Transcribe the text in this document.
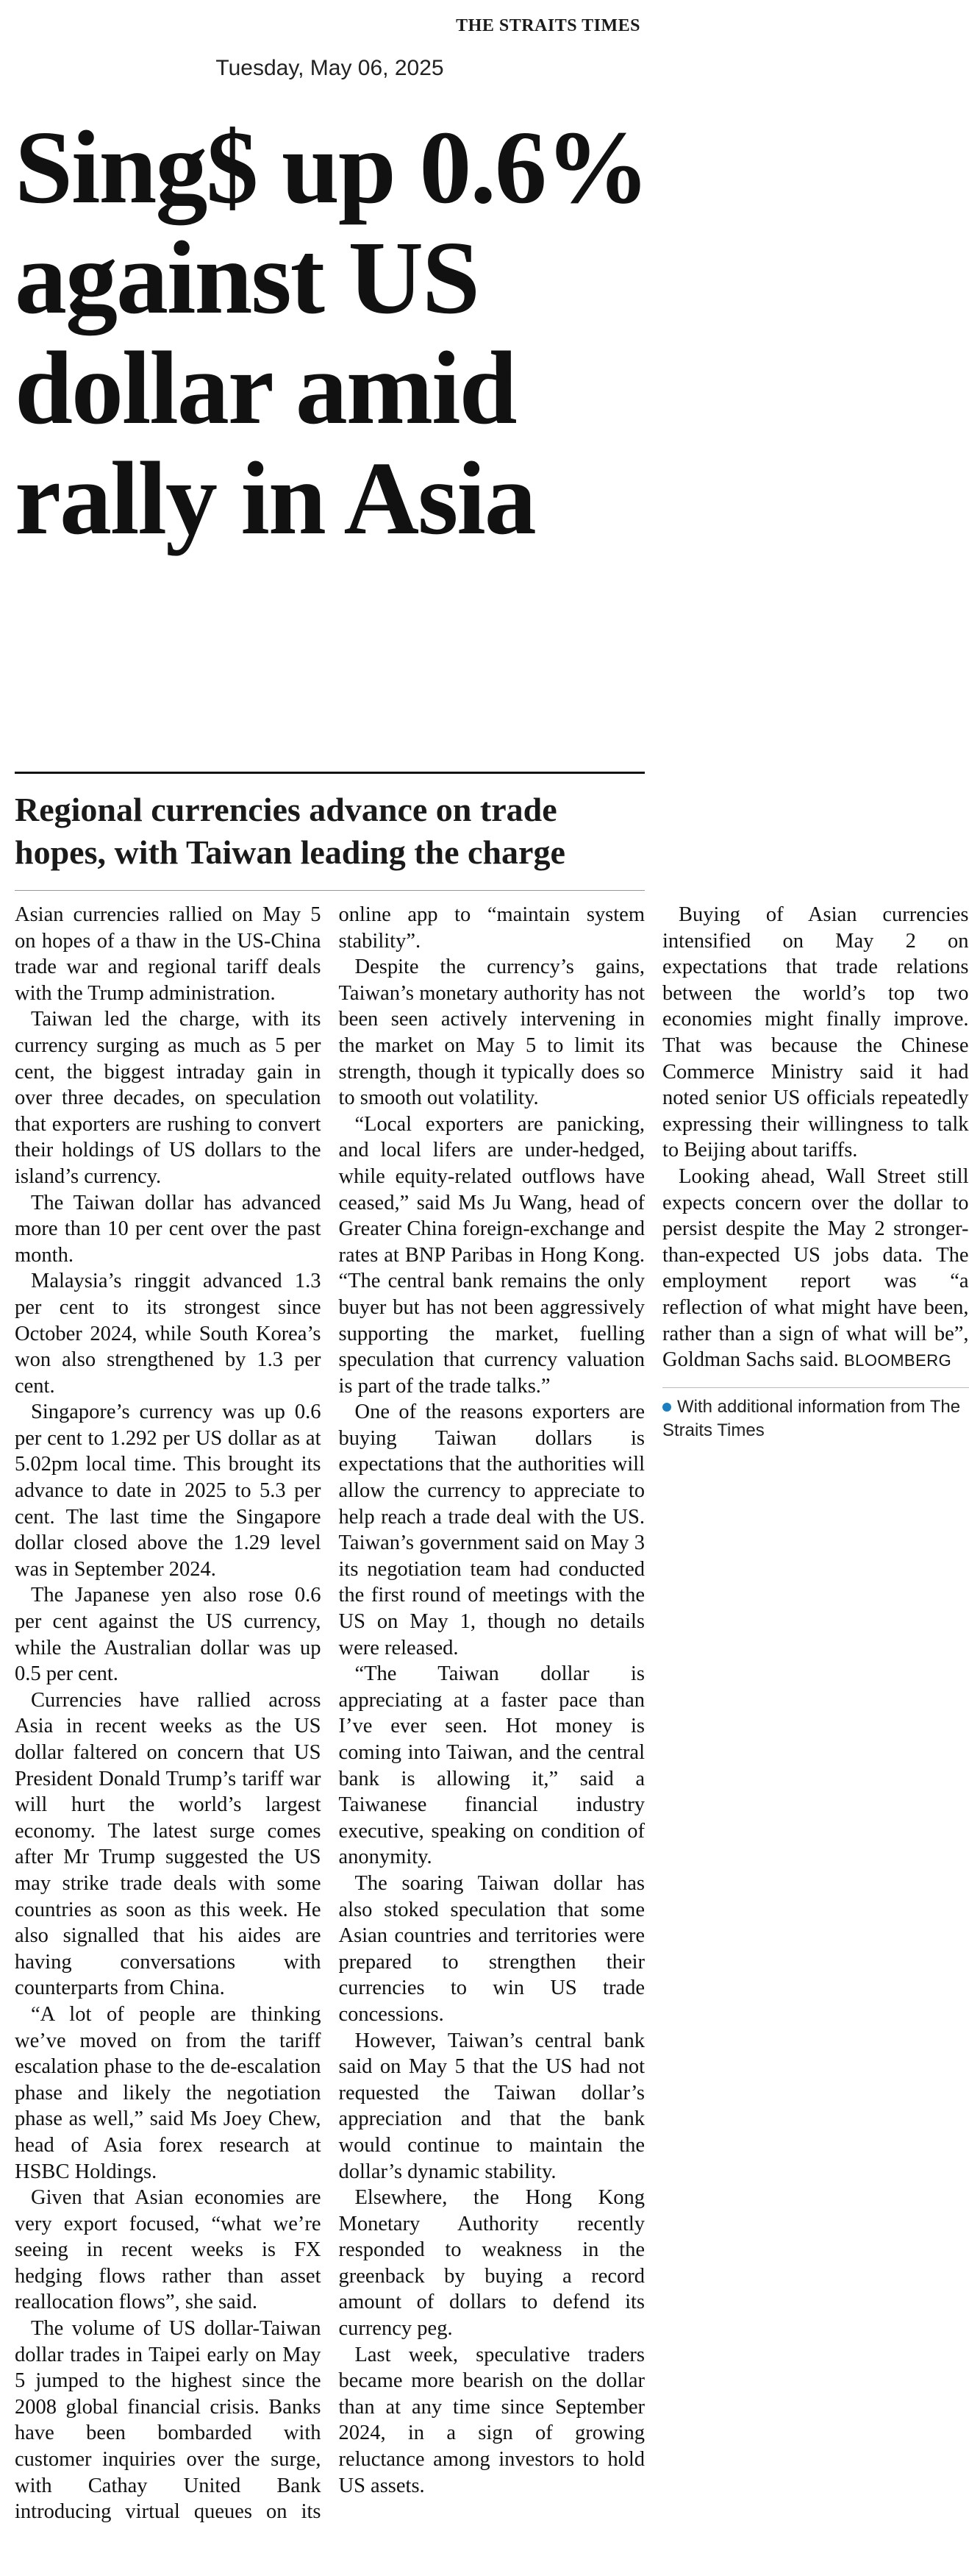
THE STRAITS TIMES
Tuesday, May 06, 2025
Sing$ up 0.6% against US dollar amid rally in Asia
Regional currencies advance on trade hopes, with Taiwan leading the charge

Asian currencies rallied on May 5 on hopes of a thaw in the US-China trade war and regional tariff deals with the Trump administration.

Taiwan led the charge, with its currency surging as much as 5 per cent, the biggest intraday gain in over three decades, on speculation that exporters are rushing to convert their holdings of US dollars to the island’s currency.

The Taiwan dollar has advanced more than 10 per cent over the past month.

Malaysia’s ringgit advanced 1.3 per cent to its strongest since October 2024, while South Korea’s won also strengthened by 1.3 per cent.

Singapore’s currency was up 0.6 per cent to 1.292 per US dollar as at 5.02pm local time. This brought its advance to date in 2025 to 5.3 per cent. The last time the Singapore dollar closed above the 1.29 level was in September 2024.

The Japanese yen also rose 0.6 per cent against the US currency, while the Australian dollar was up 0.5 per cent.

Currencies have rallied across Asia in recent weeks as the US dollar faltered on concern that US President Donald Trump’s tariff war will hurt the world’s largest economy. The latest surge comes after Mr Trump suggested the US may strike trade deals with some countries as soon as this week. He also signalled that his aides are having conversations with counterparts from China.

“A lot of people are thinking we’ve moved on from the tariff escalation phase to the de-escalation phase and likely the negotiation phase as well,” said Ms Joey Chew, head of Asia forex research at HSBC Holdings.

Given that Asian economies are very export focused, “what we’re seeing in recent weeks is FX hedging flows rather than asset reallocation flows”, she said.

The volume of US dollar-Taiwan dollar trades in Taipei early on May 5 jumped to the highest since the 2008 global financial crisis. Banks have been bombarded with customer inquiries over the surge, with Cathay United Bank introducing virtual queues on its online app to “maintain system stability”.

Despite the currency’s gains, Taiwan’s monetary authority has not been seen actively intervening in the market on May 5 to limit its strength, though it typically does so to smooth out volatility.

“Local exporters are panicking, and local lifers are under-hedged, while equity-related outflows have ceased,” said Ms Ju Wang, head of Greater China foreign-exchange and rates at BNP Paribas in Hong Kong. “The central bank remains the only buyer but has not been aggressively supporting the market, fuelling speculation that currency valuation is part of the trade talks.”

One of the reasons exporters are buying Taiwan dollars is expectations that the authorities will allow the currency to appreciate to help reach a trade deal with the US. Taiwan’s government said on May 3 its negotiation team had conducted the first round of meetings with the US on May 1, though no details were released.

“The Taiwan dollar is appreciating at a faster pace than I’ve ever seen. Hot money is coming into Taiwan, and the central bank is allowing it,” said a Taiwanese financial industry executive, speaking on condition of anonymity.

The soaring Taiwan dollar has also stoked speculation that some Asian countries and territories were prepared to strengthen their currencies to win US trade concessions.

However, Taiwan’s central bank said on May 5 that the US had not requested the Taiwan dollar’s appreciation and that the bank would continue to maintain the dollar’s dynamic stability.

Elsewhere, the Hong Kong Monetary Authority recently responded to weakness in the greenback by buying a record amount of dollars to defend its currency peg.

Last week, speculative traders became more bearish on the dollar than at any time since September 2024, in a sign of growing reluctance among investors to hold US assets.

Buying of Asian currencies intensified on May 2 on expectations that trade relations between the world’s top two economies might finally improve. That was because the Chinese Commerce Ministry said it had noted senior US officials repeatedly expressing their willingness to talk to Beijing about tariffs.

Looking ahead, Wall Street still expects concern over the dollar to persist despite the May 2 stronger-than-expected US jobs data. The employment report was “a reflection of what might have been, rather than a sign of what will be”, Goldman Sachs said. BLOOMBERG

With additional information from The Straits Times
